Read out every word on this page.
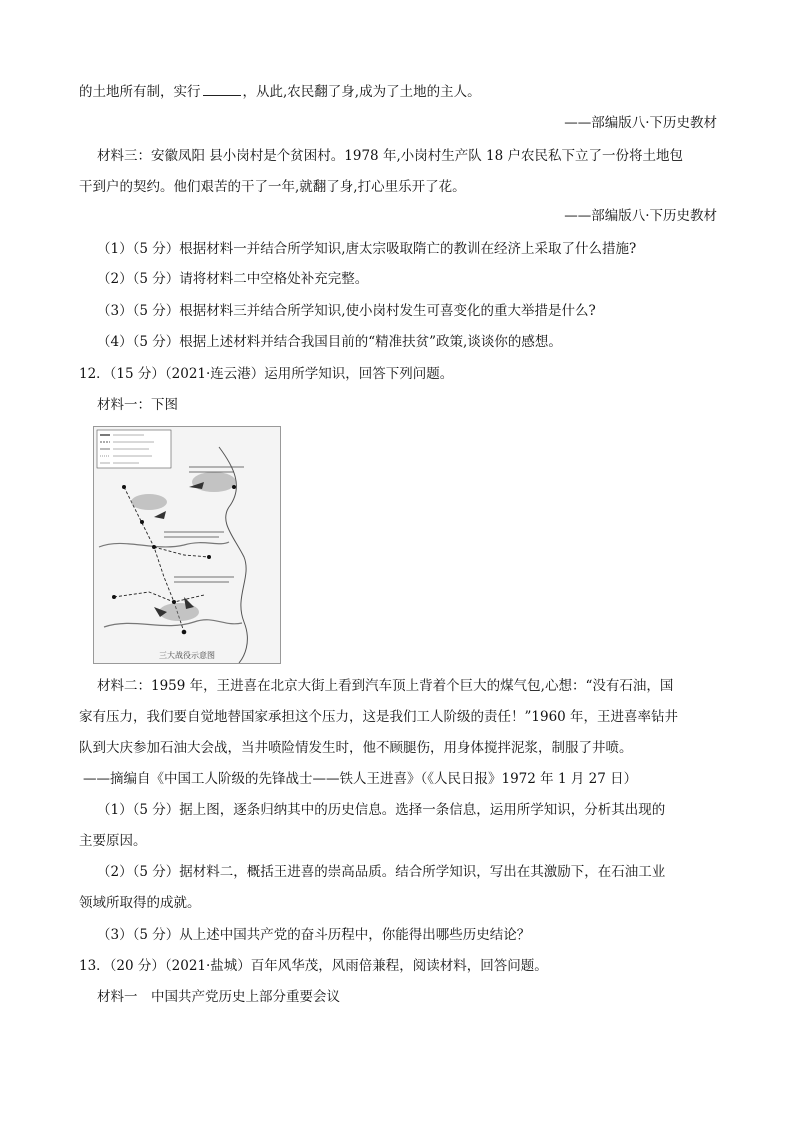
的土地所有制，实行	，从此,农民翻了身,成为了土地的主人。
——部编版八·下历史教材
材料三：安徽凤阳 县小岗村是个贫困村。1978 年,小岗村生产队 18 户农民私下立了一份将土地包
干到户的契约。他们艰苦的干了一年,就翻了身,打心里乐开了花。
——部编版八·下历史教材
（1）（5 分）根据材料一并结合所学知识,唐太宗吸取隋亡的教训在经济上采取了什么措施?
（2）（5 分）请将材料二中空格处补充完整。
（3）（5 分）根据材料三并结合所学知识,使小岗村发生可喜变化的重大举措是什么?
（4）（5 分）根据上述材料并结合我国目前的“精准扶贫”政策,谈谈你的感想。
12．（15 分）（2021·连云港）运用所学知识，回答下列问题。
材料一：下图
三大战役示意图
材料二：1959 年，王进喜在北京大街上看到汽车顶上背着个巨大的煤气包,心想：“没有石油，国
家有压力，我们要自觉地替国家承担这个压力，这是我们工人阶级的责任！”1960 年，王进喜率钻井
队到大庆参加石油大会战，当井喷险情发生时，他不顾腿伤，用身体搅拌泥浆，制服了井喷。
——摘编自《中国工人阶级的先锋战士——铁人王进喜》（《人民日报》1972 年 1 月 27 日）
（1）（5 分）据上图，逐条归纳其中的历史信息。选择一条信息，运用所学知识，分析其出现的
主要原因。
（2）（5 分）据材料二，概括王进喜的崇高品质。结合所学知识，写出在其激励下，在石油工业
领域所取得的成就。
（3）（5 分）从上述中国共产党的奋斗历程中，你能得出哪些历史结论？
13．（20 分）（2021·盐城）百年风华茂，风雨倍兼程，阅读材料，回答问题。
材料一　中国共产党历史上部分重要会议
